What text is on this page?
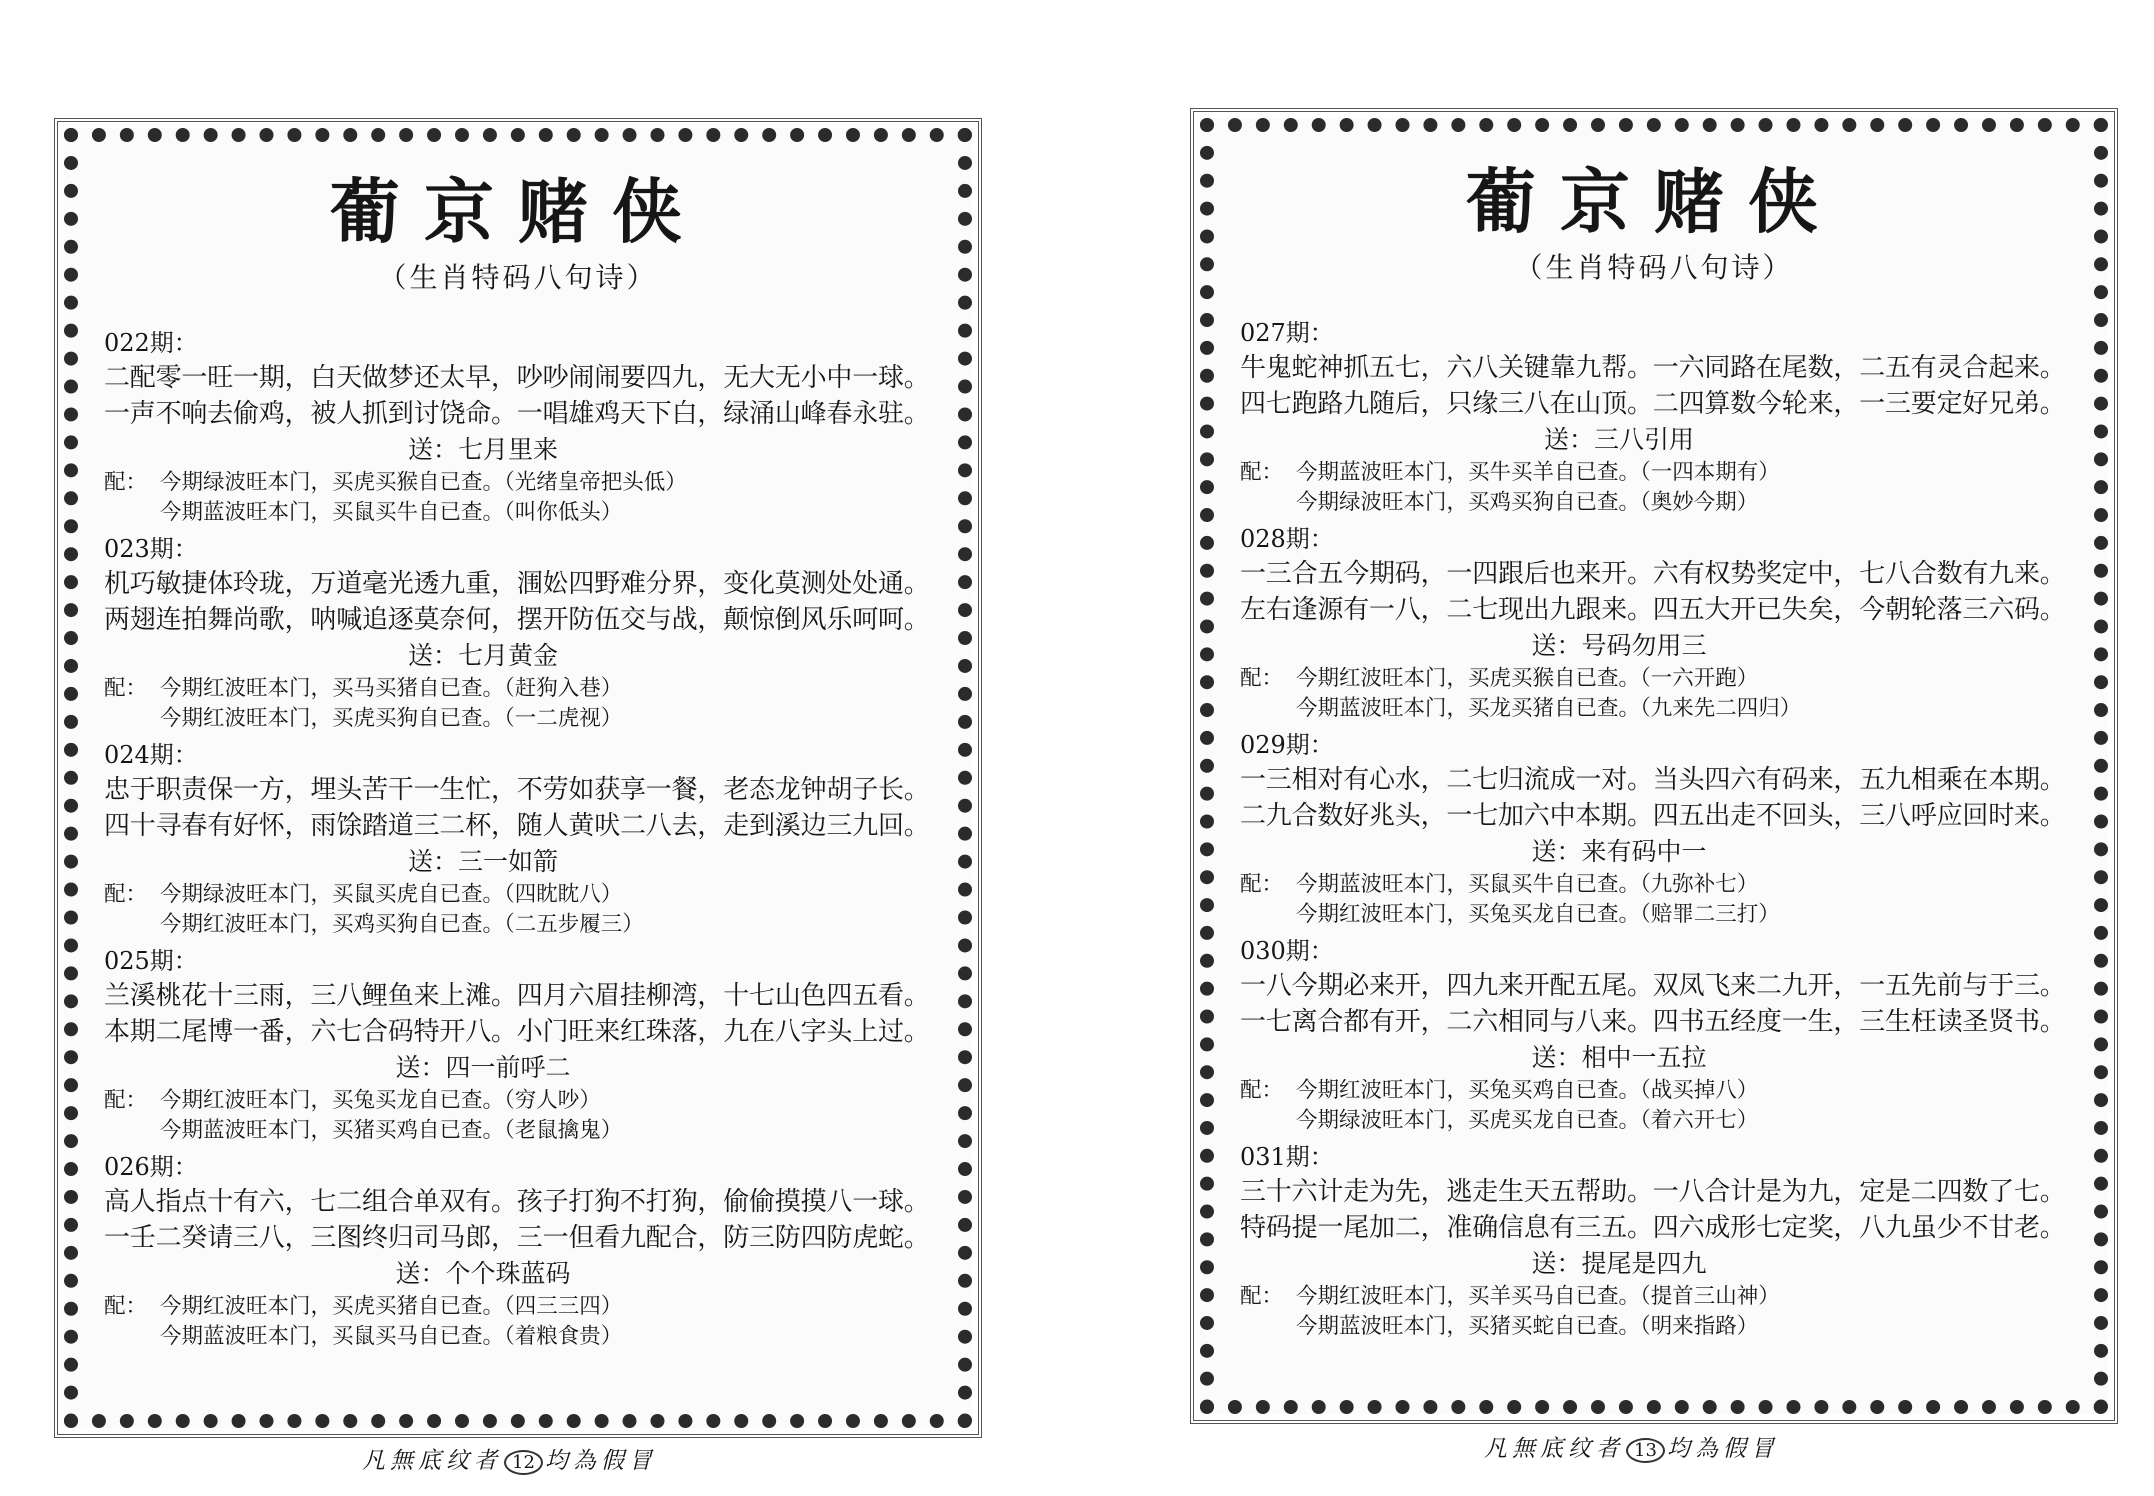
葡京赌侠
（生肖特码八句诗）
022期：
二配零一旺一期，白天做梦还太早，吵吵闹闹要四九，无大无小中一球。
一声不响去偷鸡，被人抓到讨饶命。一唱雄鸡天下白，绿涌山峰春永驻。
送：七月里来
配： 今期绿波旺本门，买虎买猴自已查。（光绪皇帝把头低）
今期蓝波旺本门，买鼠买牛自已查。（叫你低头）
023期：
机巧敏捷体玲珑，万道毫光透九重，涠妐四野难分界，变化莫测处处通。
两翅连拍舞尚歌，呐喊追逐莫奈何，摆开防伍交与战，颠惊倒风乐呵呵。
送：七月黄金
配： 今期红波旺本门，买马买猪自已查。（赶狗入巷）
今期红波旺本门，买虎买狗自已查。（一二虎视）
024期：
忠于职责保一方，埋头苦干一生忙，不劳如获享一餐，老态龙钟胡子长。
四十寻春有好怀，雨馀踏道三二杯，随人黄吠二八去，走到溪边三九回。
送：三一如箭
配： 今期绿波旺本门，买鼠买虎自已查。（四眈眈八）
今期红波旺本门，买鸡买狗自已查。（二五步履三）
025期：
兰溪桃花十三雨，三八鲤鱼来上滩。四月六眉挂柳湾，十七山色四五看。
本期二尾博一番，六七合码特开八。小门旺来红珠落，九在八字头上过。
送：四一前呼二
配： 今期红波旺本门，买兔买龙自已查。（穷人吵）
今期蓝波旺本门，买猪买鸡自已查。（老鼠擒鬼）
026期：
高人指点十有六，七二组合单双有。孩子打狗不打狗，偷偷摸摸八一球。
一壬二癸请三八，三图终归司马郎，三一但看九配合，防三防四防虎蛇。
送：个个珠蓝码
配： 今期红波旺本门，买虎买猪自已查。（四三三四）
今期蓝波旺本门，买鼠买马自已查。（着粮食贵）
凡無底纹者 12 均為假冒
葡京赌侠
（生肖特码八句诗）
027期：
牛鬼蛇神抓五七，六八关键靠九帮。一六同路在尾数，二五有灵合起来。
四七跑路九随后，只缘三八在山顶。二四算数今轮来，一三要定好兄弟。
送：三八引用
配： 今期蓝波旺本门，买牛买羊自已查。（一四本期有）
今期绿波旺本门，买鸡买狗自已查。（奥妙今期）
028期：
一三合五今期码，一四跟后也来开。六有权势奖定中，七八合数有九来。
左右逢源有一八，二七现出九跟来。四五大开已失矣，今朝轮落三六码。
送：号码勿用三
配： 今期红波旺本门，买虎买猴自已查。（一六开跑）
今期蓝波旺本门，买龙买猪自已查。（九来先二四归）
029期：
一三相对有心水，二七归流成一对。当头四六有码来，五九相乘在本期。
二九合数好兆头，一七加六中本期。四五出走不回头，三八呼应回时来。
送：来有码中一
配： 今期蓝波旺本门，买鼠买牛自已查。（九弥补七）
今期红波旺本门，买兔买龙自已查。（赔罪二三打）
030期：
一八今期必来开，四九来开配五尾。双凤飞来二九开，一五先前与于三。
一七离合都有开，二六相同与八来。四书五经度一生，三生枉读圣贤书。
送：相中一五拉
配： 今期红波旺本门，买兔买鸡自已查。（战买掉八）
今期绿波旺本门，买虎买龙自已查。（着六开七）
031期：
三十六计走为先，逃走生天五帮助。一八合计是为九，定是二四数了七。
特码提一尾加二，准确信息有三五。四六成形七定奖，八九虽少不甘老。
送：提尾是四九
配： 今期红波旺本门，买羊买马自已查。（提首三山神）
今期蓝波旺本门，买猪买蛇自已查。（明来指路）
凡無底纹者 13 均為假冒
